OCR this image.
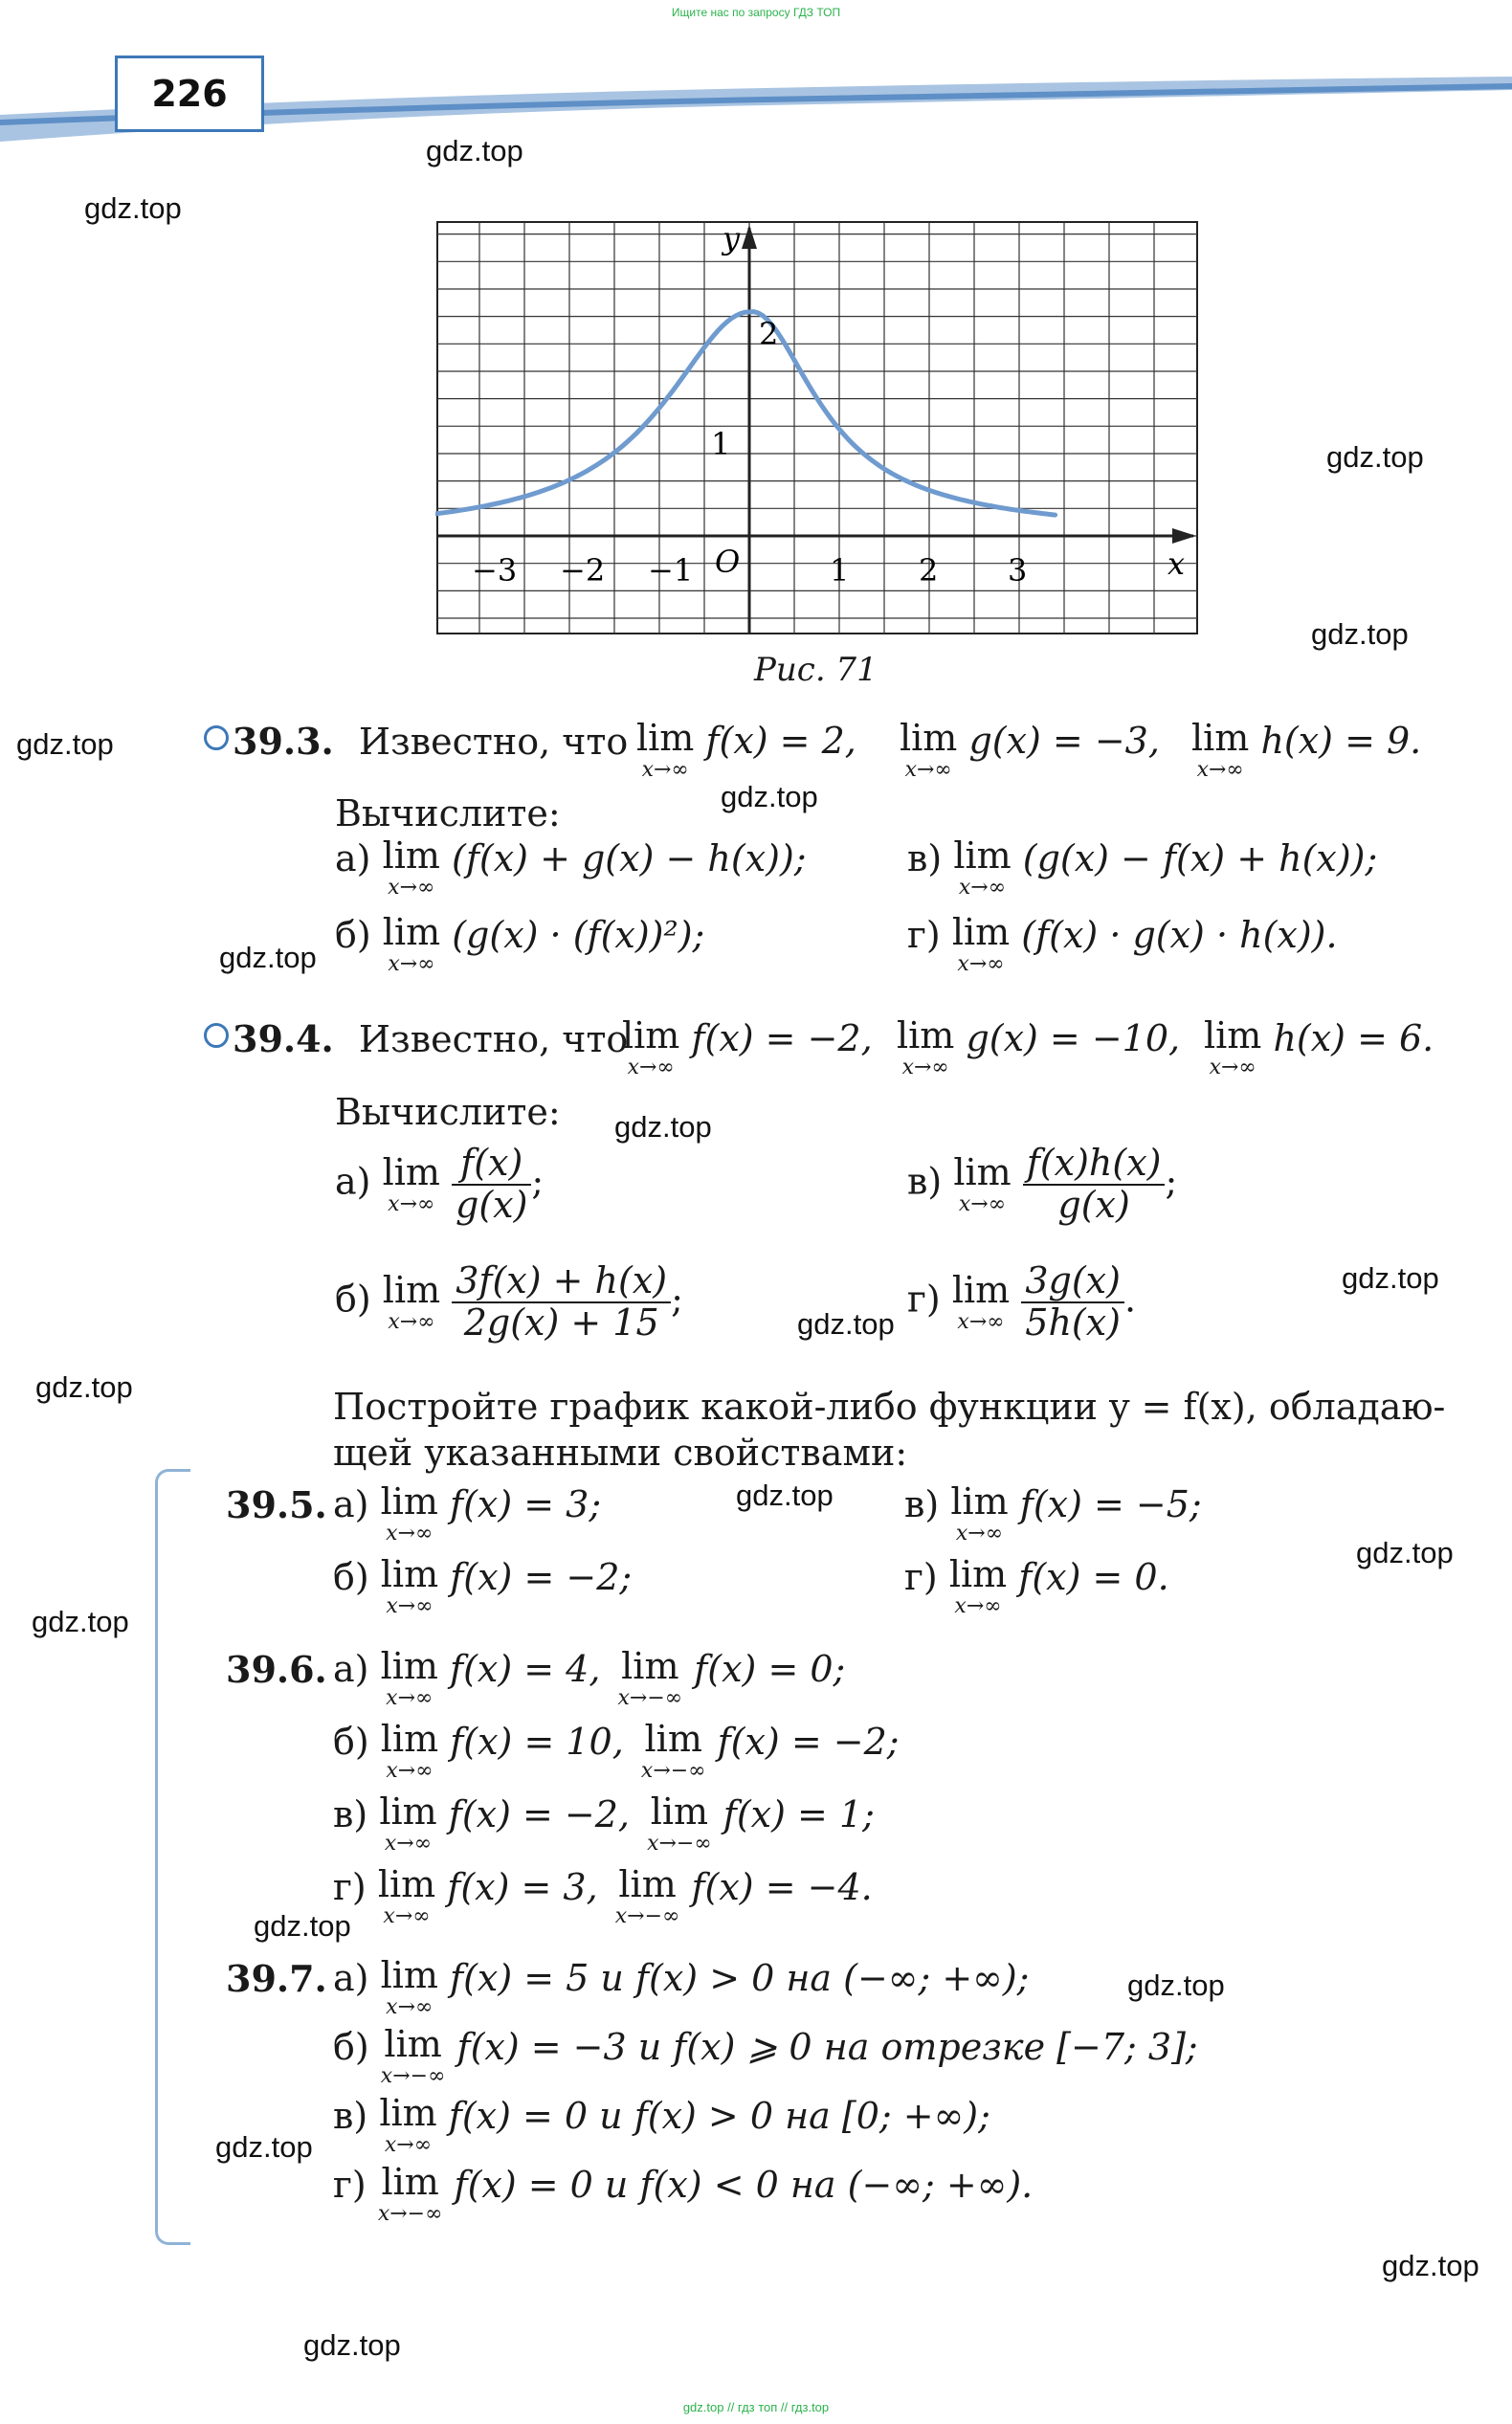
Ищите нас по запросу ГДЗ ТОП
226
gdz.top
gdz.top
gdz.top
gdz.top
gdz.top
gdz.top
gdz.top
gdz.top
gdz.top
gdz.top
gdz.top
gdz.top
gdz.top
gdz.top
gdz.top
gdz.top
gdz.top
gdz.top
gdz.top
y
x
O
−3 −2 −1	1 2 3
1
2
Рис. 71
39.3. Известно, что lim
x→∞
f(x) = 2, lim
x→∞
g(x) = −3, lim
x→∞
h(x) = 9.
Вычислите:
а) lim
x→∞
(f(x) + g(x) − h(x));	в) lim
x→∞
(g(x) − f(x) + h(x));
б) lim
x→∞
(g(x) · (f(x))²);	г) lim
x→∞
(f(x) · g(x) · h(x)).
39.4. Известно, что
lim
x→∞
f(x) = −2, lim
x→∞
g(x) = −10, lim
x→∞
h(x) = 6.
Вычислите:
а) lim
x→∞
$\frac{f(x)}{g(x)}$ ;	в) lim
x→∞
$\frac{f(x)h(x)}{g(x)}$ ;
б) lim
x→∞
$\frac{3f(x) + h(x)}{2g(x) + 15}$ ;	г) lim
x→∞
$\frac{3g(x)}{5h(x)}$ .
Постройте график какой-либо функции y = f(x), обладаю-
щей указанными свойствами:
39.5. а) lim
x→∞
f(x) = 3;	в) lim
x→∞
f(x) = −5;
б) lim
x→∞
f(x) = −2;	г) lim
x→∞
f(x) = 0.
39.6. а) lim
x→∞
f(x) = 4, lim
x→−∞
f(x) = 0;
б) lim
x→∞
f(x) = 10, lim
x→−∞
f(x) = −2;
в) lim
x→∞
f(x) = −2, lim
x→−∞
f(x) = 1;
г) lim
x→∞
f(x) = 3, lim
x→−∞
f(x) = −4.
39.7. а) lim
x→∞
f(x) = 5 и f(x) > 0 на (−∞; +∞);
б) lim
x→−∞
f(x) = −3 и f(x) ⩾ 0 на отрезке [−7; 3];
в) lim
x→∞
f(x) = 0 и f(x) > 0 на [0; +∞);
г) lim
x→−∞
f(x) = 0 и f(x) < 0 на (−∞; +∞).
gdz.top // гдз топ // гдз.top
